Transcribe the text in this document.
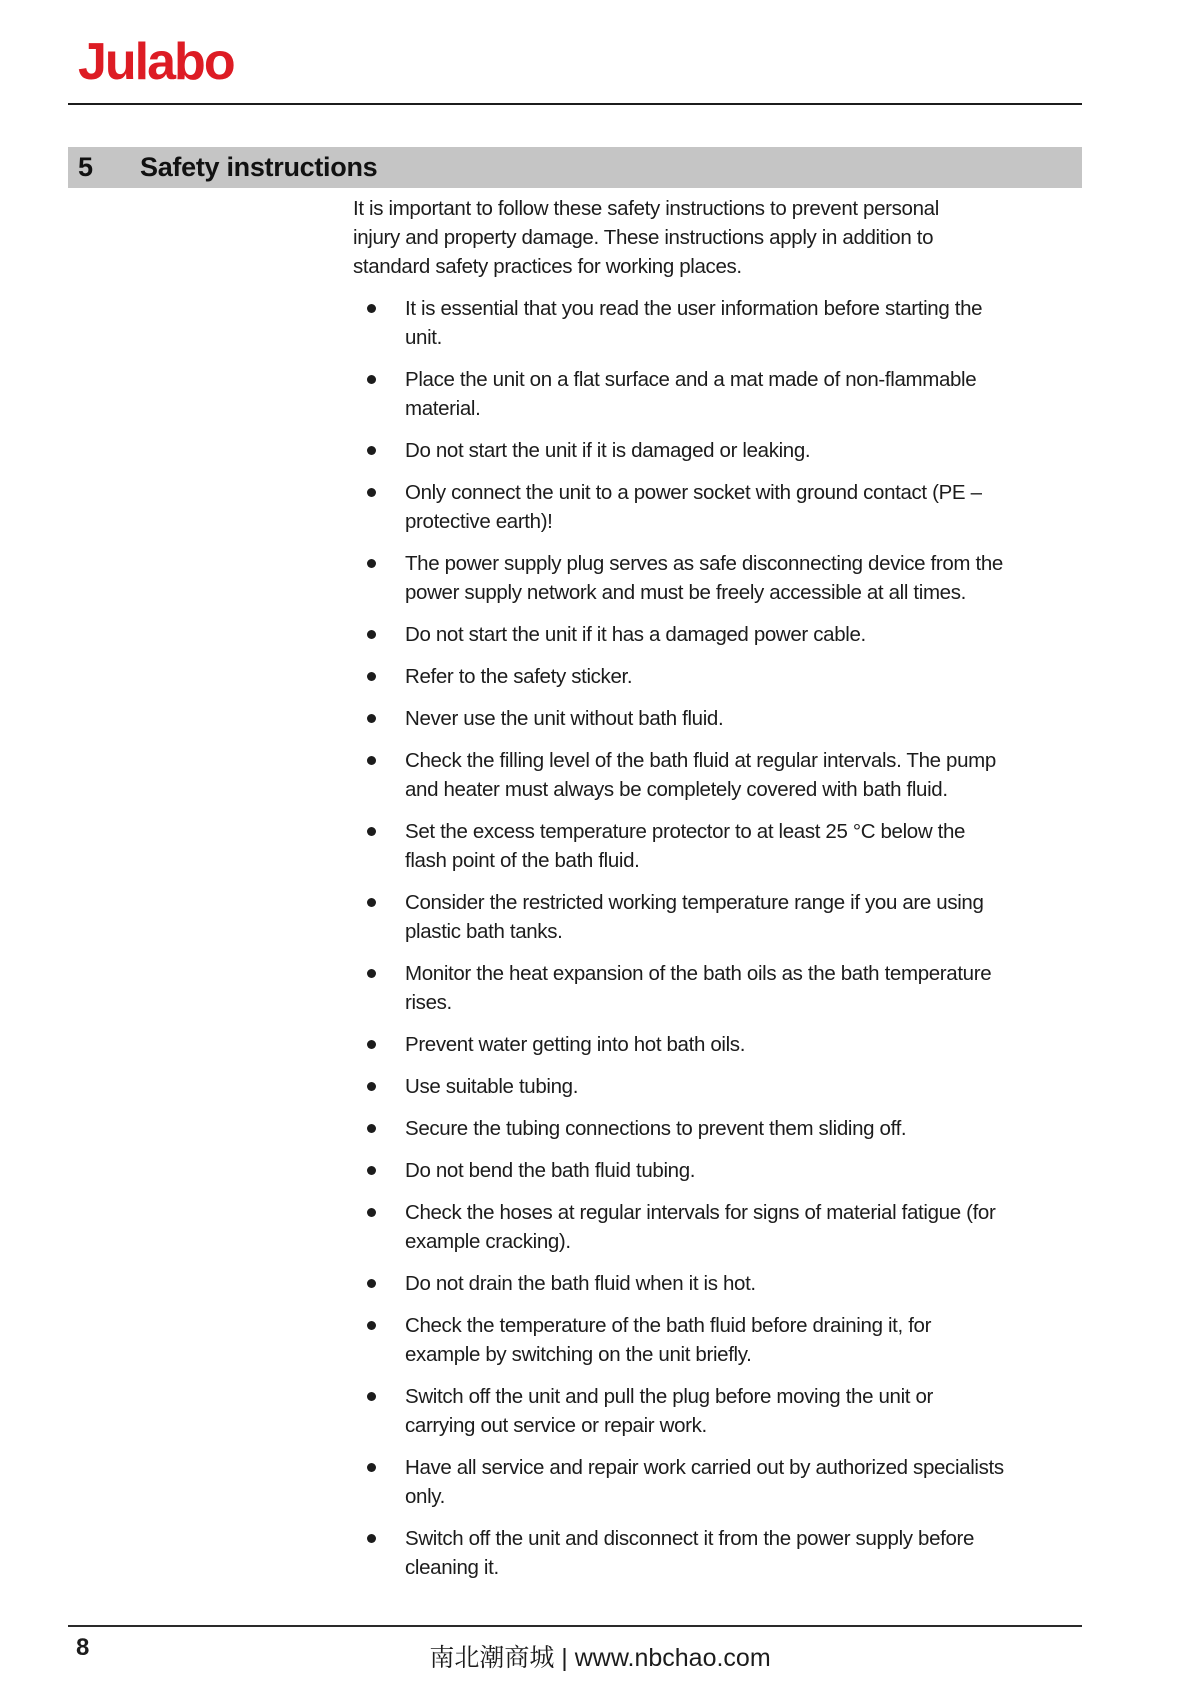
Julabo
5	Safety instructions

It is important to follow these safety instructions to prevent personal injury and property damage. These instructions apply in addition to standard safety practices for working places.

It is essential that you read the user information before starting the unit.
Place the unit on a flat surface and a mat made of non-flammable material.
Do not start the unit if it is damaged or leaking.
Only connect the unit to a power socket with ground contact (PE – protective earth)!
The power supply plug serves as safe disconnecting device from the power supply network and must be freely accessible at all times.
Do not start the unit if it has a damaged power cable.
Refer to the safety sticker.
Never use the unit without bath fluid.
Check the filling level of the bath fluid at regular intervals. The pump and heater must always be completely covered with bath fluid.
Set the excess temperature protector to at least 25 °C below the flash point of the bath fluid.
Consider the restricted working temperature range if you are using plastic bath tanks.
Monitor the heat expansion of the bath oils as the bath temperature rises.
Prevent water getting into hot bath oils.
Use suitable tubing.
Secure the tubing connections to prevent them sliding off.
Do not bend the bath fluid tubing.
Check the hoses at regular intervals for signs of material fatigue (for example cracking).
Do not drain the bath fluid when it is hot.
Check the temperature of the bath fluid before draining it, for example by switching on the unit briefly.
Switch off the unit and pull the plug before moving the unit or carrying out service or repair work.
Have all service and repair work carried out by authorized specialists only.
Switch off the unit and disconnect it from the power supply before cleaning it.
8	南北潮商城 | www.nbchao.com
